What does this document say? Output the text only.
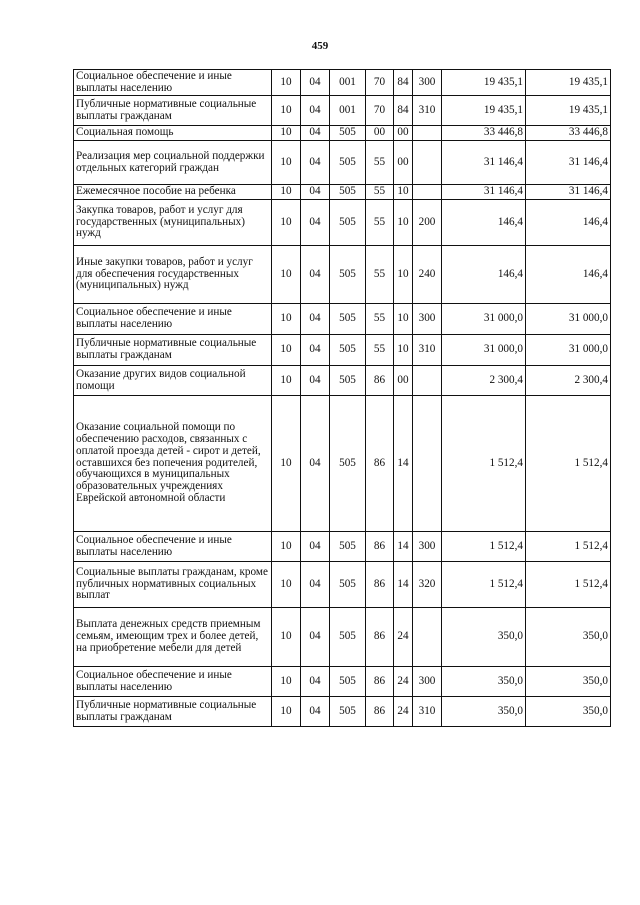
459
Социальное обеспечение и иные выплаты населению	10	04	001	70	84	300	19 435,1	19 435,1
Публичные нормативные социальные выплаты гражданам	10	04	001	70	84	310	19 435,1	19 435,1
Социальная помощь	10	04	505	00	00		33 446,8	33 446,8
Реализация мер социальной поддержки отдельных категорий граждан	10	04	505	55	00		31 146,4	31 146,4
Ежемесячное пособие на ребенка	10	04	505	55	10		31 146,4	31 146,4
Закупка товаров, работ и услуг для государственных (муниципальных) нужд	10	04	505	55	10	200	146,4	146,4
Иные закупки товаров, работ и услуг для обеспечения государственных (муниципальных) нужд	10	04	505	55	10	240	146,4	146,4
Социальное обеспечение и иные выплаты населению	10	04	505	55	10	300	31 000,0	31 000,0
Публичные нормативные социальные выплаты гражданам	10	04	505	55	10	310	31 000,0	31 000,0
Оказание других видов социальной помощи	10	04	505	86	00		2 300,4	2 300,4
Оказание социальной помощи по обеспечению расходов, связанных с оплатой проезда детей - сирот и детей, оставшихся без попечения родителей, обучающихся в муниципальных образовательных учреждениях Еврейской автономной области	10	04	505	86	14		1 512,4	1 512,4
Социальное обеспечение и иные выплаты населению	10	04	505	86	14	300	1 512,4	1 512,4
Социальные выплаты гражданам, кроме публичных нормативных социальных выплат	10	04	505	86	14	320	1 512,4	1 512,4
Выплата денежных средств приемным семьям, имеющим трех и более детей, на приобретение мебели для детей	10	04	505	86	24		350,0	350,0
Социальное обеспечение и иные выплаты населению	10	04	505	86	24	300	350,0	350,0
Публичные нормативные социальные выплаты гражданам	10	04	505	86	24	310	350,0	350,0
